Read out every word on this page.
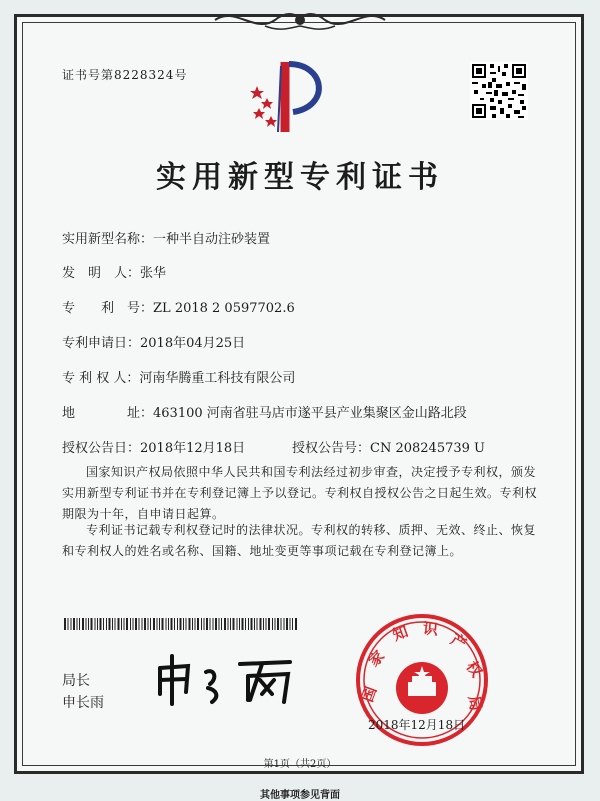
证书号第8228324号
实用新型专利证书
实用新型名称：一种半自动注砂装置
发　明　人：张华
专　　利　号：ZL 2018 2 0597702.6
专利申请日：2018年04月25日
专 利 权 人：河南华腾重工科技有限公司
地　　　　址：463100 河南省驻马店市遂平县产业集聚区金山路北段
授权公告日：2018年12月18日	授权公告号：CN 208245739 U
国家知识产权局依照中华人民共和国专利法经过初步审查，决定授予专利权，颁发实用新型专利证书并在专利登记簿上予以登记。专利权自授权公告之日起生效。专利权期限为十年，自申请日起算。
专利证书记载专利权登记时的法律状况。专利权的转移、质押、无效、终止、恢复和专利权人的姓名或名称、国籍、地址变更等事项记载在专利登记簿上。
局长
申长雨	国
家
知 识
产
权
局
2018年12月18日
第1页（共2页）
其他事项参见背面
